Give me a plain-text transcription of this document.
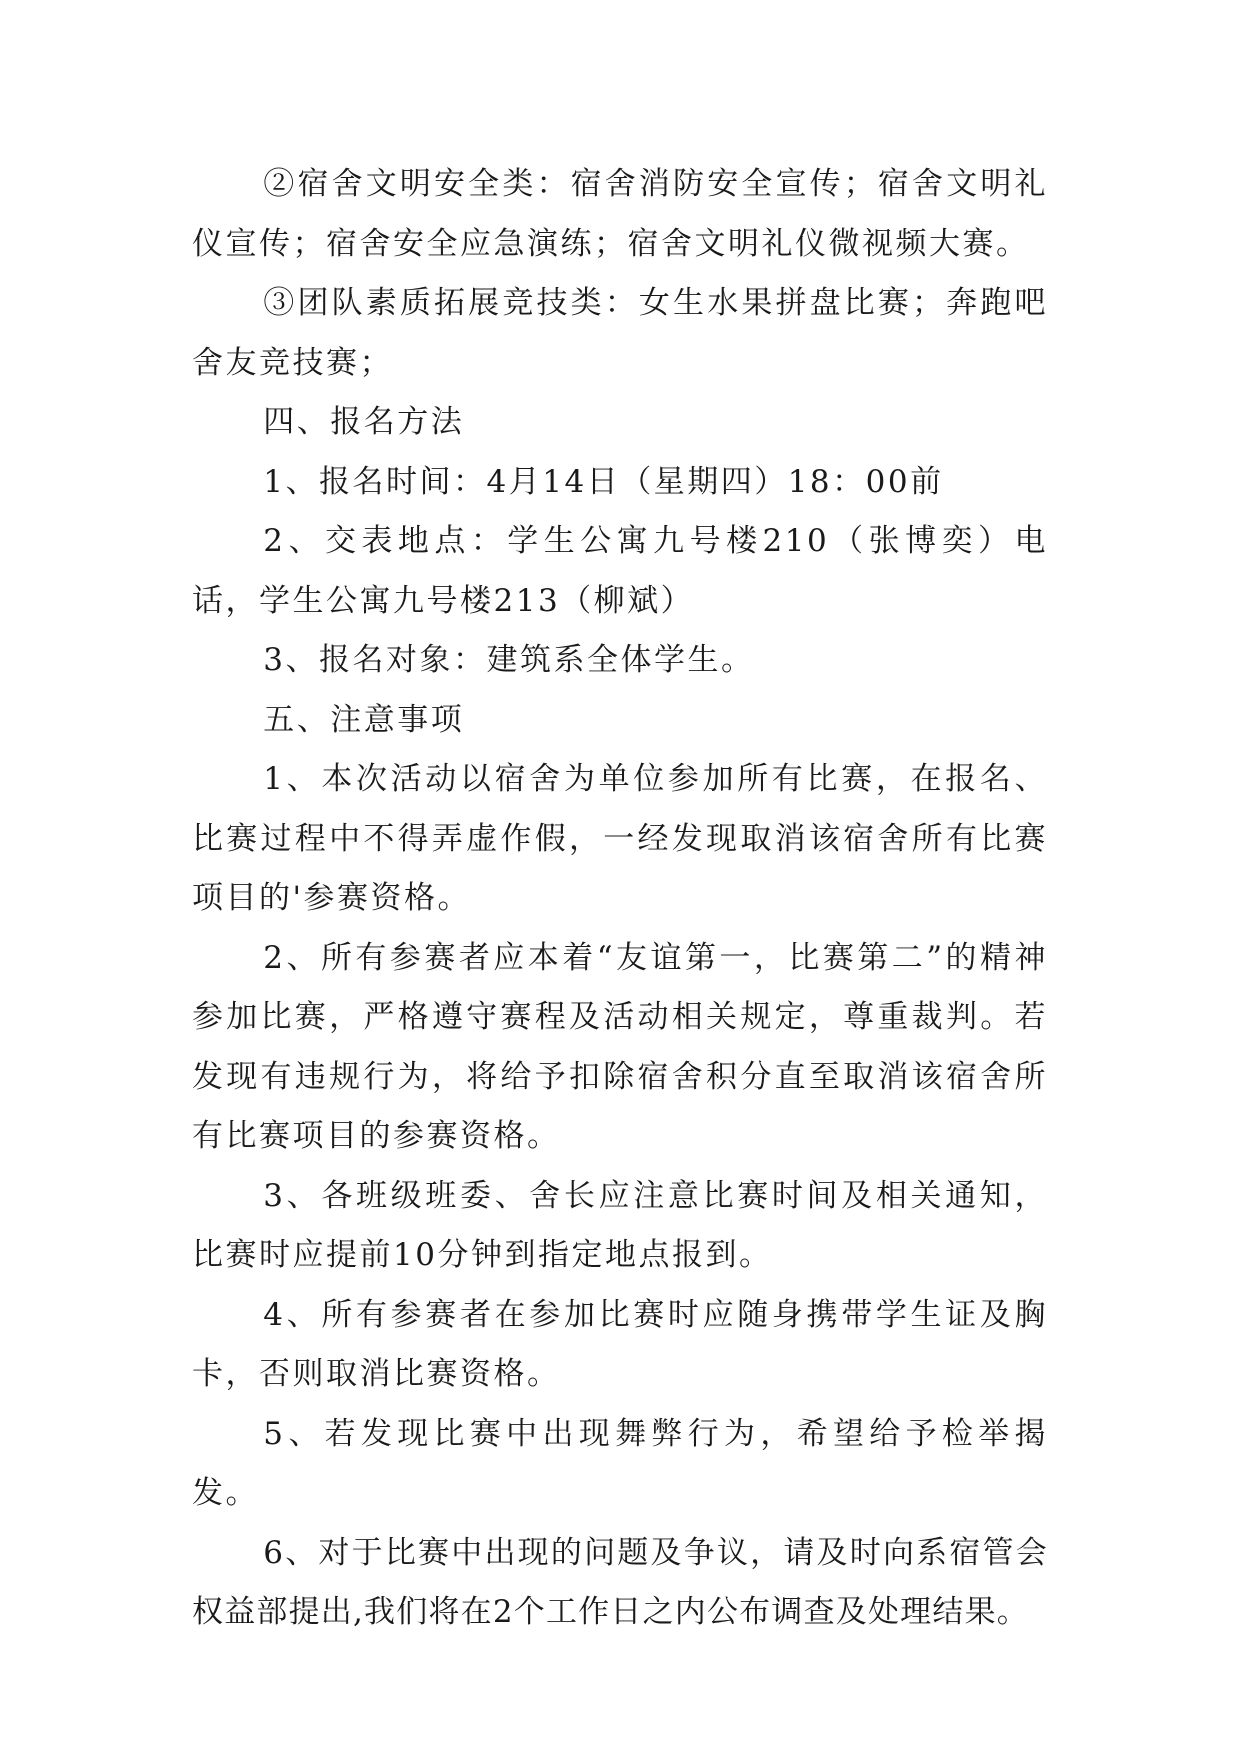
②宿舍文明安全类：宿舍消防安全宣传；宿舍文明礼仪宣传；宿舍安全应急演练；宿舍文明礼仪微视频大赛。

③团队素质拓展竞技类：女生水果拼盘比赛；奔跑吧舍友竞技赛；

四、报名方法

1、报名时间：4月14日（星期四）18：00前

2、交表地点：学生公寓九号楼210（张博奕）电话，学生公寓九号楼213（柳斌）

3、报名对象：建筑系全体学生。

五、注意事项

1、本次活动以宿舍为单位参加所有比赛，在报名、比赛过程中不得弄虚作假，一经发现取消该宿舍所有比赛项目的'参赛资格。

2、所有参赛者应本着“友谊第一，比赛第二”的精神参加比赛，严格遵守赛程及活动相关规定，尊重裁判。若发现有违规行为，将给予扣除宿舍积分直至取消该宿舍所有比赛项目的参赛资格。

3、各班级班委、舍长应注意比赛时间及相关通知，比赛时应提前10分钟到指定地点报到。

4、所有参赛者在参加比赛时应随身携带学生证及胸卡，否则取消比赛资格。

5、若发现比赛中出现舞弊行为，希望给予检举揭发。

6、对于比赛中出现的问题及争议，请及时向系宿管会权益部提出,我们将在2个工作日之内公布调查及处理结果。
